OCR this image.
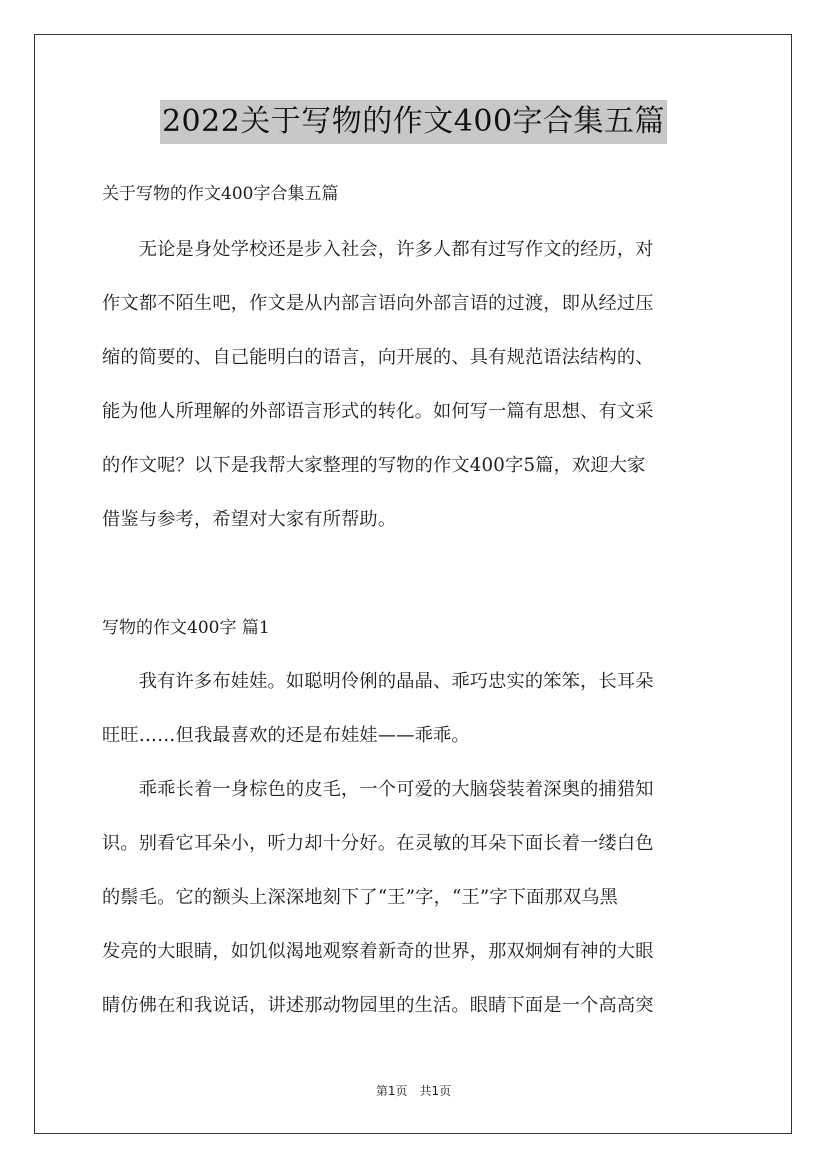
2022关于写物的作文400字合集五篇
关于写物的作文400字合集五篇
　　无论是身处学校还是步入社会，许多人都有过写作文的经历，对
作文都不陌生吧，作文是从内部言语向外部言语的过渡，即从经过压
缩的简要的、自己能明白的语言，向开展的、具有规范语法结构的、
能为他人所理解的外部语言形式的转化。如何写一篇有思想、有文采
的作文呢？以下是我帮大家整理的写物的作文400字5篇，欢迎大家
借鉴与参考，希望对大家有所帮助。
写物的作文400字 篇1
　　我有许多布娃娃。如聪明伶俐的晶晶、乖巧忠实的笨笨，长耳朵
旺旺……但我最喜欢的还是布娃娃——乖乖。
　　乖乖长着一身棕色的皮毛，一个可爱的大脑袋装着深奥的捕猎知
识。别看它耳朵小，听力却十分好。在灵敏的耳朵下面长着一缕白色
的鬃毛。它的额头上深深地刻下了“王”字，“王”字下面那双乌黑
发亮的大眼睛，如饥似渴地观察着新奇的世界，那双炯炯有神的大眼
睛仿佛在和我说话，讲述那动物园里的生活。眼睛下面是一个高高突
第1页　共1页
